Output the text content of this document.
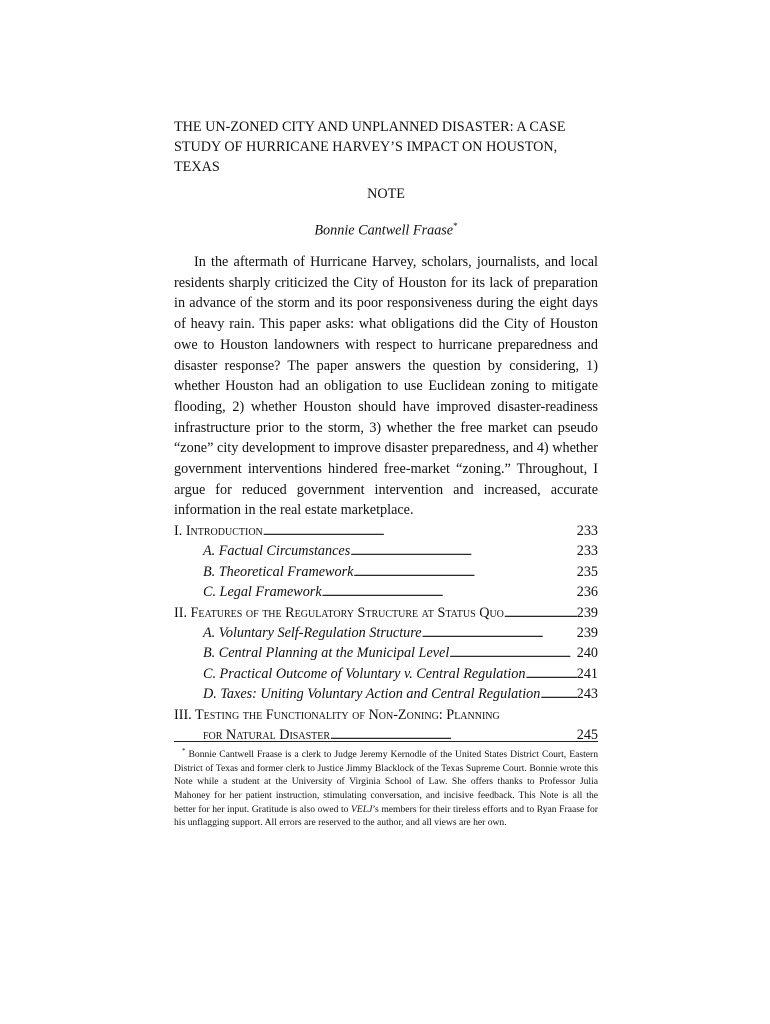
THE UN-ZONED CITY AND UNPLANNED DISASTER: A CASE STUDY OF HURRICANE HARVEY’S IMPACT ON HOUSTON, TEXAS
NOTE
Bonnie Cantwell Fraase*

In the aftermath of Hurricane Harvey, scholars, journalists, and local residents sharply criticized the City of Houston for its lack of preparation in advance of the storm and its poor responsiveness during the eight days of heavy rain. This paper asks: what obligations did the City of Houston owe to Houston landowners with respect to hurricane preparedness and disaster response? The paper answers the question by considering, 1) whether Houston had an obligation to use Euclidean zoning to mitigate flooding, 2) whether Houston should have improved disaster-readiness infrastructure prior to the storm, 3) whether the free market can pseudo “zone” city development to improve disaster preparedness, and 4) whether government interventions hindered free-market “zoning.” Throughout, I argue for reduced government intervention and increased, accurate information in the real estate marketplace.

I. Introduction . . .	233
A. Factual Circumstances . . .	233
B. Theoretical Framework . . .	235
C. Legal Framework . . .	236
II. Features of the Regulatory Structure at Status Quo . . .	239
A. Voluntary Self-Regulation Structure . . .	239
B. Central Planning at the Municipal Level . . .	240
C. Practical Outcome of Voluntary v. Central Regulation . . .	241
D. Taxes: Uniting Voluntary Action and Central Regulation . . .	243
III. Testing the Functionality of Non-Zoning: Planning
for Natural Disaster . . .	245

* Bonnie Cantwell Fraase is a clerk to Judge Jeremy Kernodle of the United States District Court, Eastern District of Texas and former clerk to Justice Jimmy Blacklock of the Texas Supreme Court. Bonnie wrote this Note while a student at the University of Virginia School of Law. She offers thanks to Professor Julia Mahoney for her patient instruction, stimulating conversation, and incisive feedback. This Note is all the better for her input. Gratitude is also owed to VELJ’s members for their tireless efforts and to Ryan Fraase for his unflagging support. All errors are reserved to the author, and all views are her own.
